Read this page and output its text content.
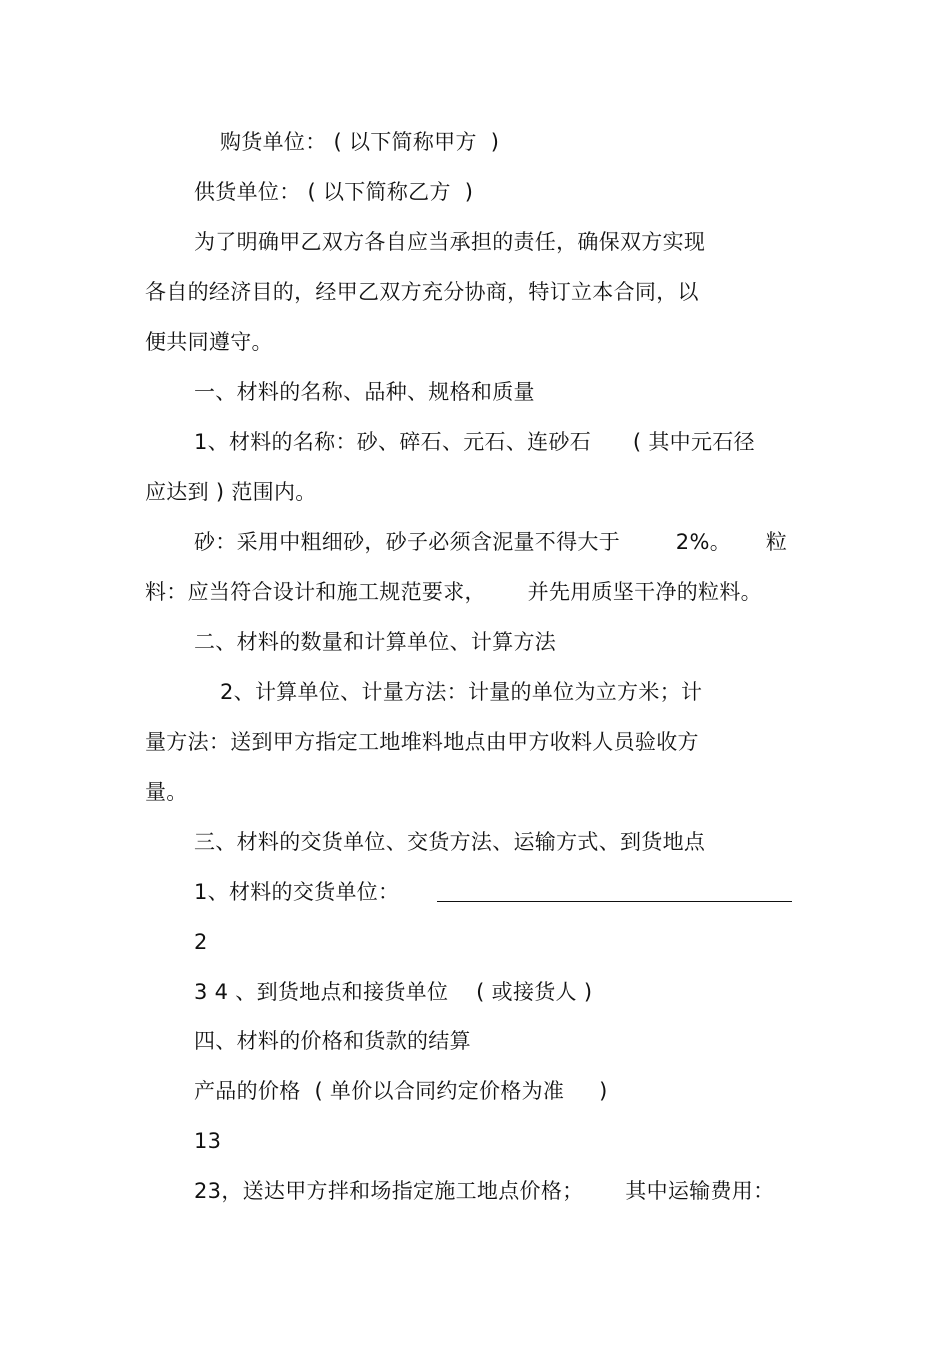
购货单位： ( 以下简称甲方  )
供货单位： ( 以下简称乙方  )
为了明确甲乙双方各自应当承担的责任，确保双方实现
各自的经济目的，经甲乙双方充分协商，特订立本合同，以
便共同遵守。
一、材料的名称、品种、规格和质量
1、材料的名称：砂、碎石、元石、连砂石      ( 其中元石径
应达到 ) 范围内。
砂：采用中粗细砂，砂子必须含泥量不得大于        2%。     粒
料：应当符合设计和施工规范要求，      并先用质坚干净的粒料。
二、材料的数量和计算单位、计算方法
2、计算单位、计量方法：计量的单位为立方米；计
量方法：送到甲方指定工地堆料地点由甲方收料人员验收方
量。
三、材料的交货单位、交货方法、运输方式、到货地点
1、材料的交货单位：
2
3 4 、到货地点和接货单位    ( 或接货人 )
四、材料的价格和货款的结算
产品的价格  ( 单价以合同约定价格为准     )
13
23，送达甲方拌和场指定施工地点价格；      其中运输费用：
